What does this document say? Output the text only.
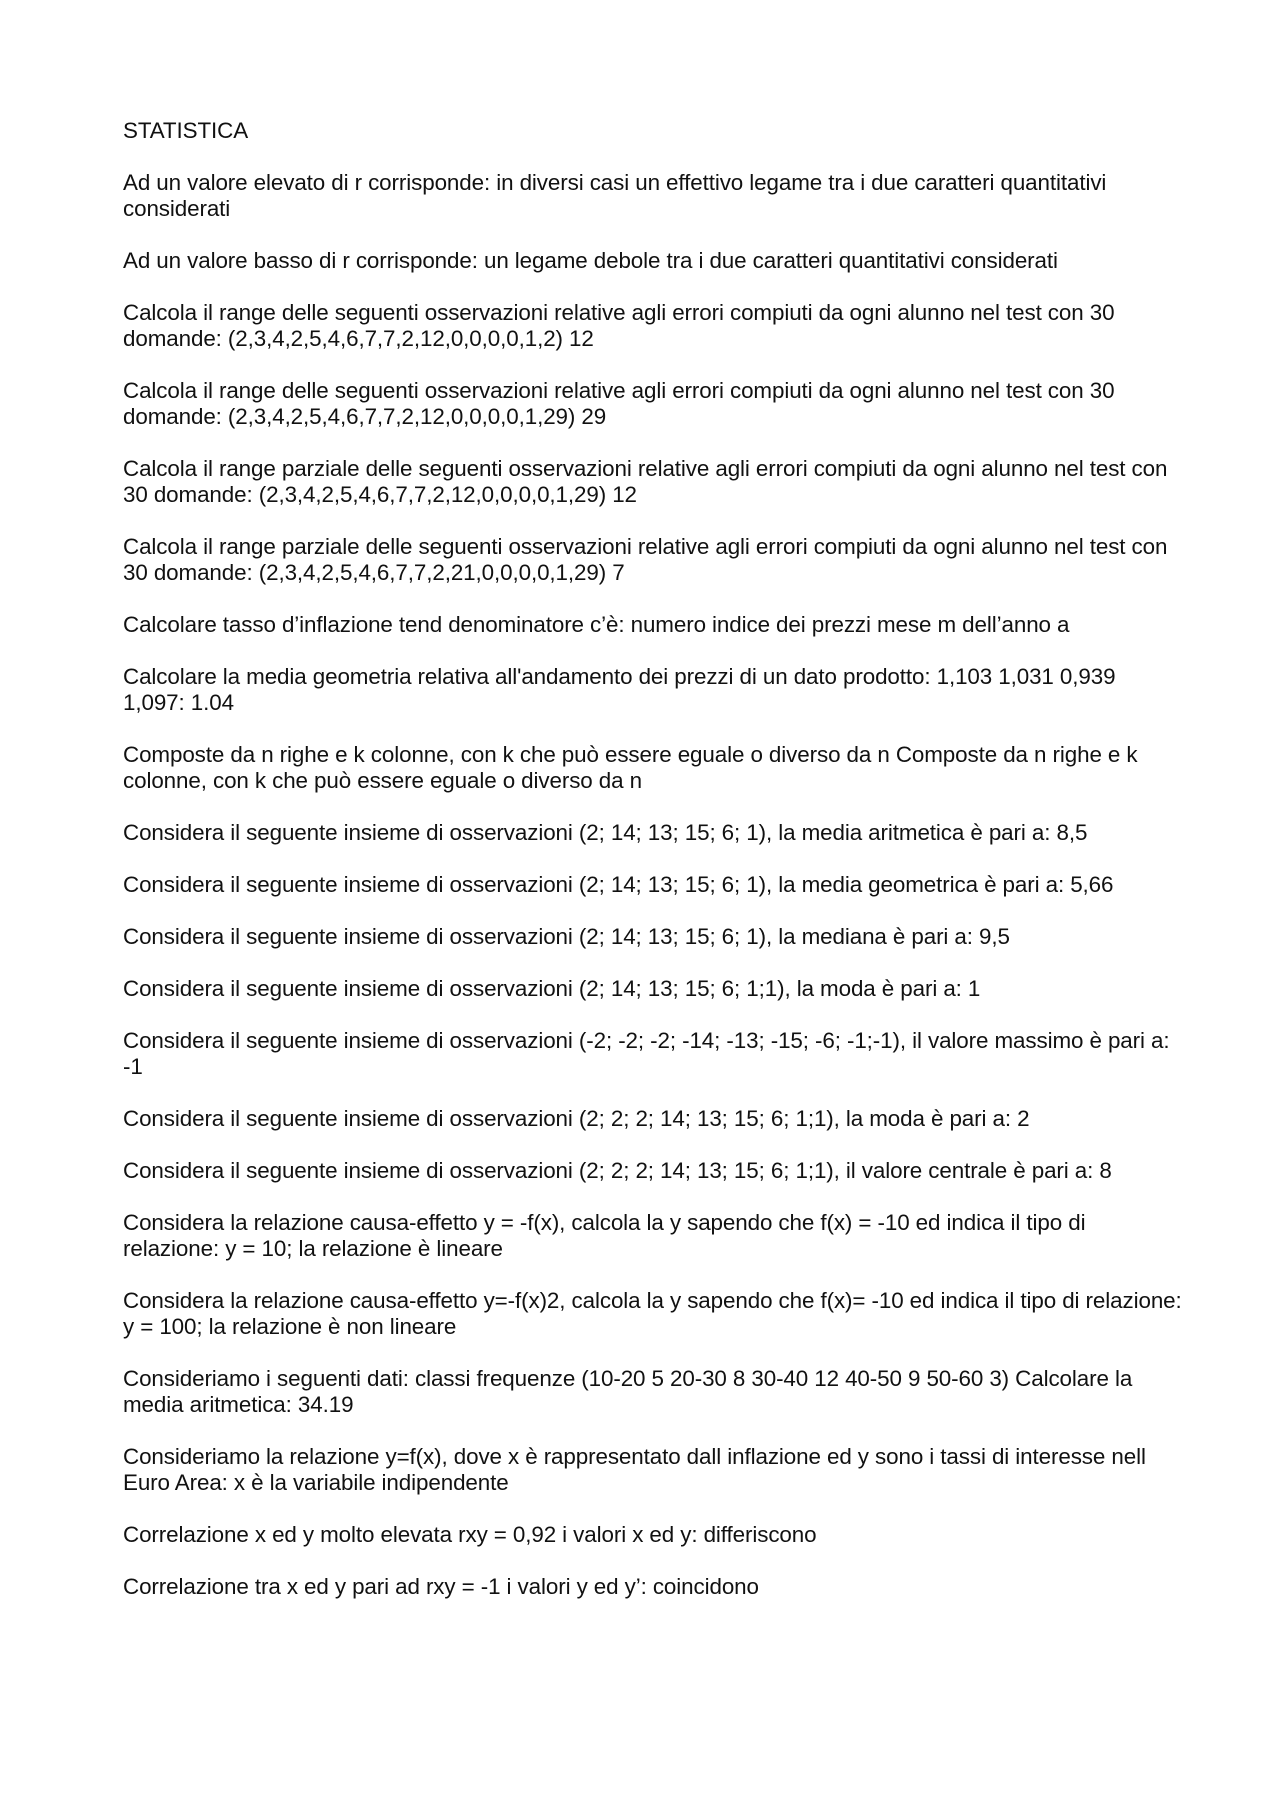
STATISTICA
Ad un valore elevato di r corrisponde: in diversi casi un effettivo legame tra i due caratteri quantitativi considerati
Ad un valore basso di r corrisponde: un legame debole tra i due caratteri quantitativi considerati
Calcola il range delle seguenti osservazioni relative agli errori compiuti da ogni alunno nel test con 30 domande: (2,3,4,2,5,4,6,7,7,2,12,0,0,0,0,1,2) 12
Calcola il range delle seguenti osservazioni relative agli errori compiuti da ogni alunno nel test con 30 domande: (2,3,4,2,5,4,6,7,7,2,12,0,0,0,0,1,29) 29
Calcola il range parziale delle seguenti osservazioni relative agli errori compiuti da ogni alunno nel test con 30 domande: (2,3,4,2,5,4,6,7,7,2,12,0,0,0,0,1,29) 12
Calcola il range parziale delle seguenti osservazioni relative agli errori compiuti da ogni alunno nel test con 30 domande: (2,3,4,2,5,4,6,7,7,2,21,0,0,0,0,1,29) 7
Calcolare tasso d’inflazione tend denominatore c’è: numero indice dei prezzi mese m dell’anno a
Calcolare la media geometria relativa all'andamento dei prezzi di un dato prodotto: 1,103 1,031 0,939 1,097: 1.04
Composte da n righe e k colonne, con k che può essere eguale o diverso da n Composte da n righe e k colonne, con k che può essere eguale o diverso da n
Considera il seguente insieme di osservazioni (2; 14; 13; 15; 6; 1), la media aritmetica è pari a: 8,5
Considera il seguente insieme di osservazioni (2; 14; 13; 15; 6; 1), la media geometrica è pari a: 5,66
Considera il seguente insieme di osservazioni (2; 14; 13; 15; 6; 1), la mediana è pari a: 9,5
Considera il seguente insieme di osservazioni (2; 14; 13; 15; 6; 1;1), la moda è pari a: 1
Considera il seguente insieme di osservazioni (-2; -2; -2; -14; -13; -15; -6; -1;-1), il valore massimo è pari a: -1
Considera il seguente insieme di osservazioni (2; 2; 2; 14; 13; 15; 6; 1;1), la moda è pari a: 2
Considera il seguente insieme di osservazioni (2; 2; 2; 14; 13; 15; 6; 1;1), il valore centrale è pari a: 8
Considera la relazione causa-effetto y = -f(x), calcola la y sapendo che f(x) = -10 ed indica il tipo di relazione: y = 10; la relazione è lineare
Considera la relazione causa-effetto y=-f(x)2, calcola la y sapendo che f(x)= -10 ed indica il tipo di relazione: y = 100; la relazione è non lineare
Consideriamo i seguenti dati: classi frequenze (10-20 5 20-30 8 30-40 12 40-50 9 50-60 3) Calcolare la media aritmetica: 34.19
Consideriamo la relazione y=f(x), dove x è rappresentato dall inflazione ed y sono i tassi di interesse nell Euro Area: x è la variabile indipendente
Correlazione x ed y molto elevata rxy = 0,92 i valori x ed y: differiscono
Correlazione tra x ed y pari ad rxy = -1 i valori y ed y’: coincidono
